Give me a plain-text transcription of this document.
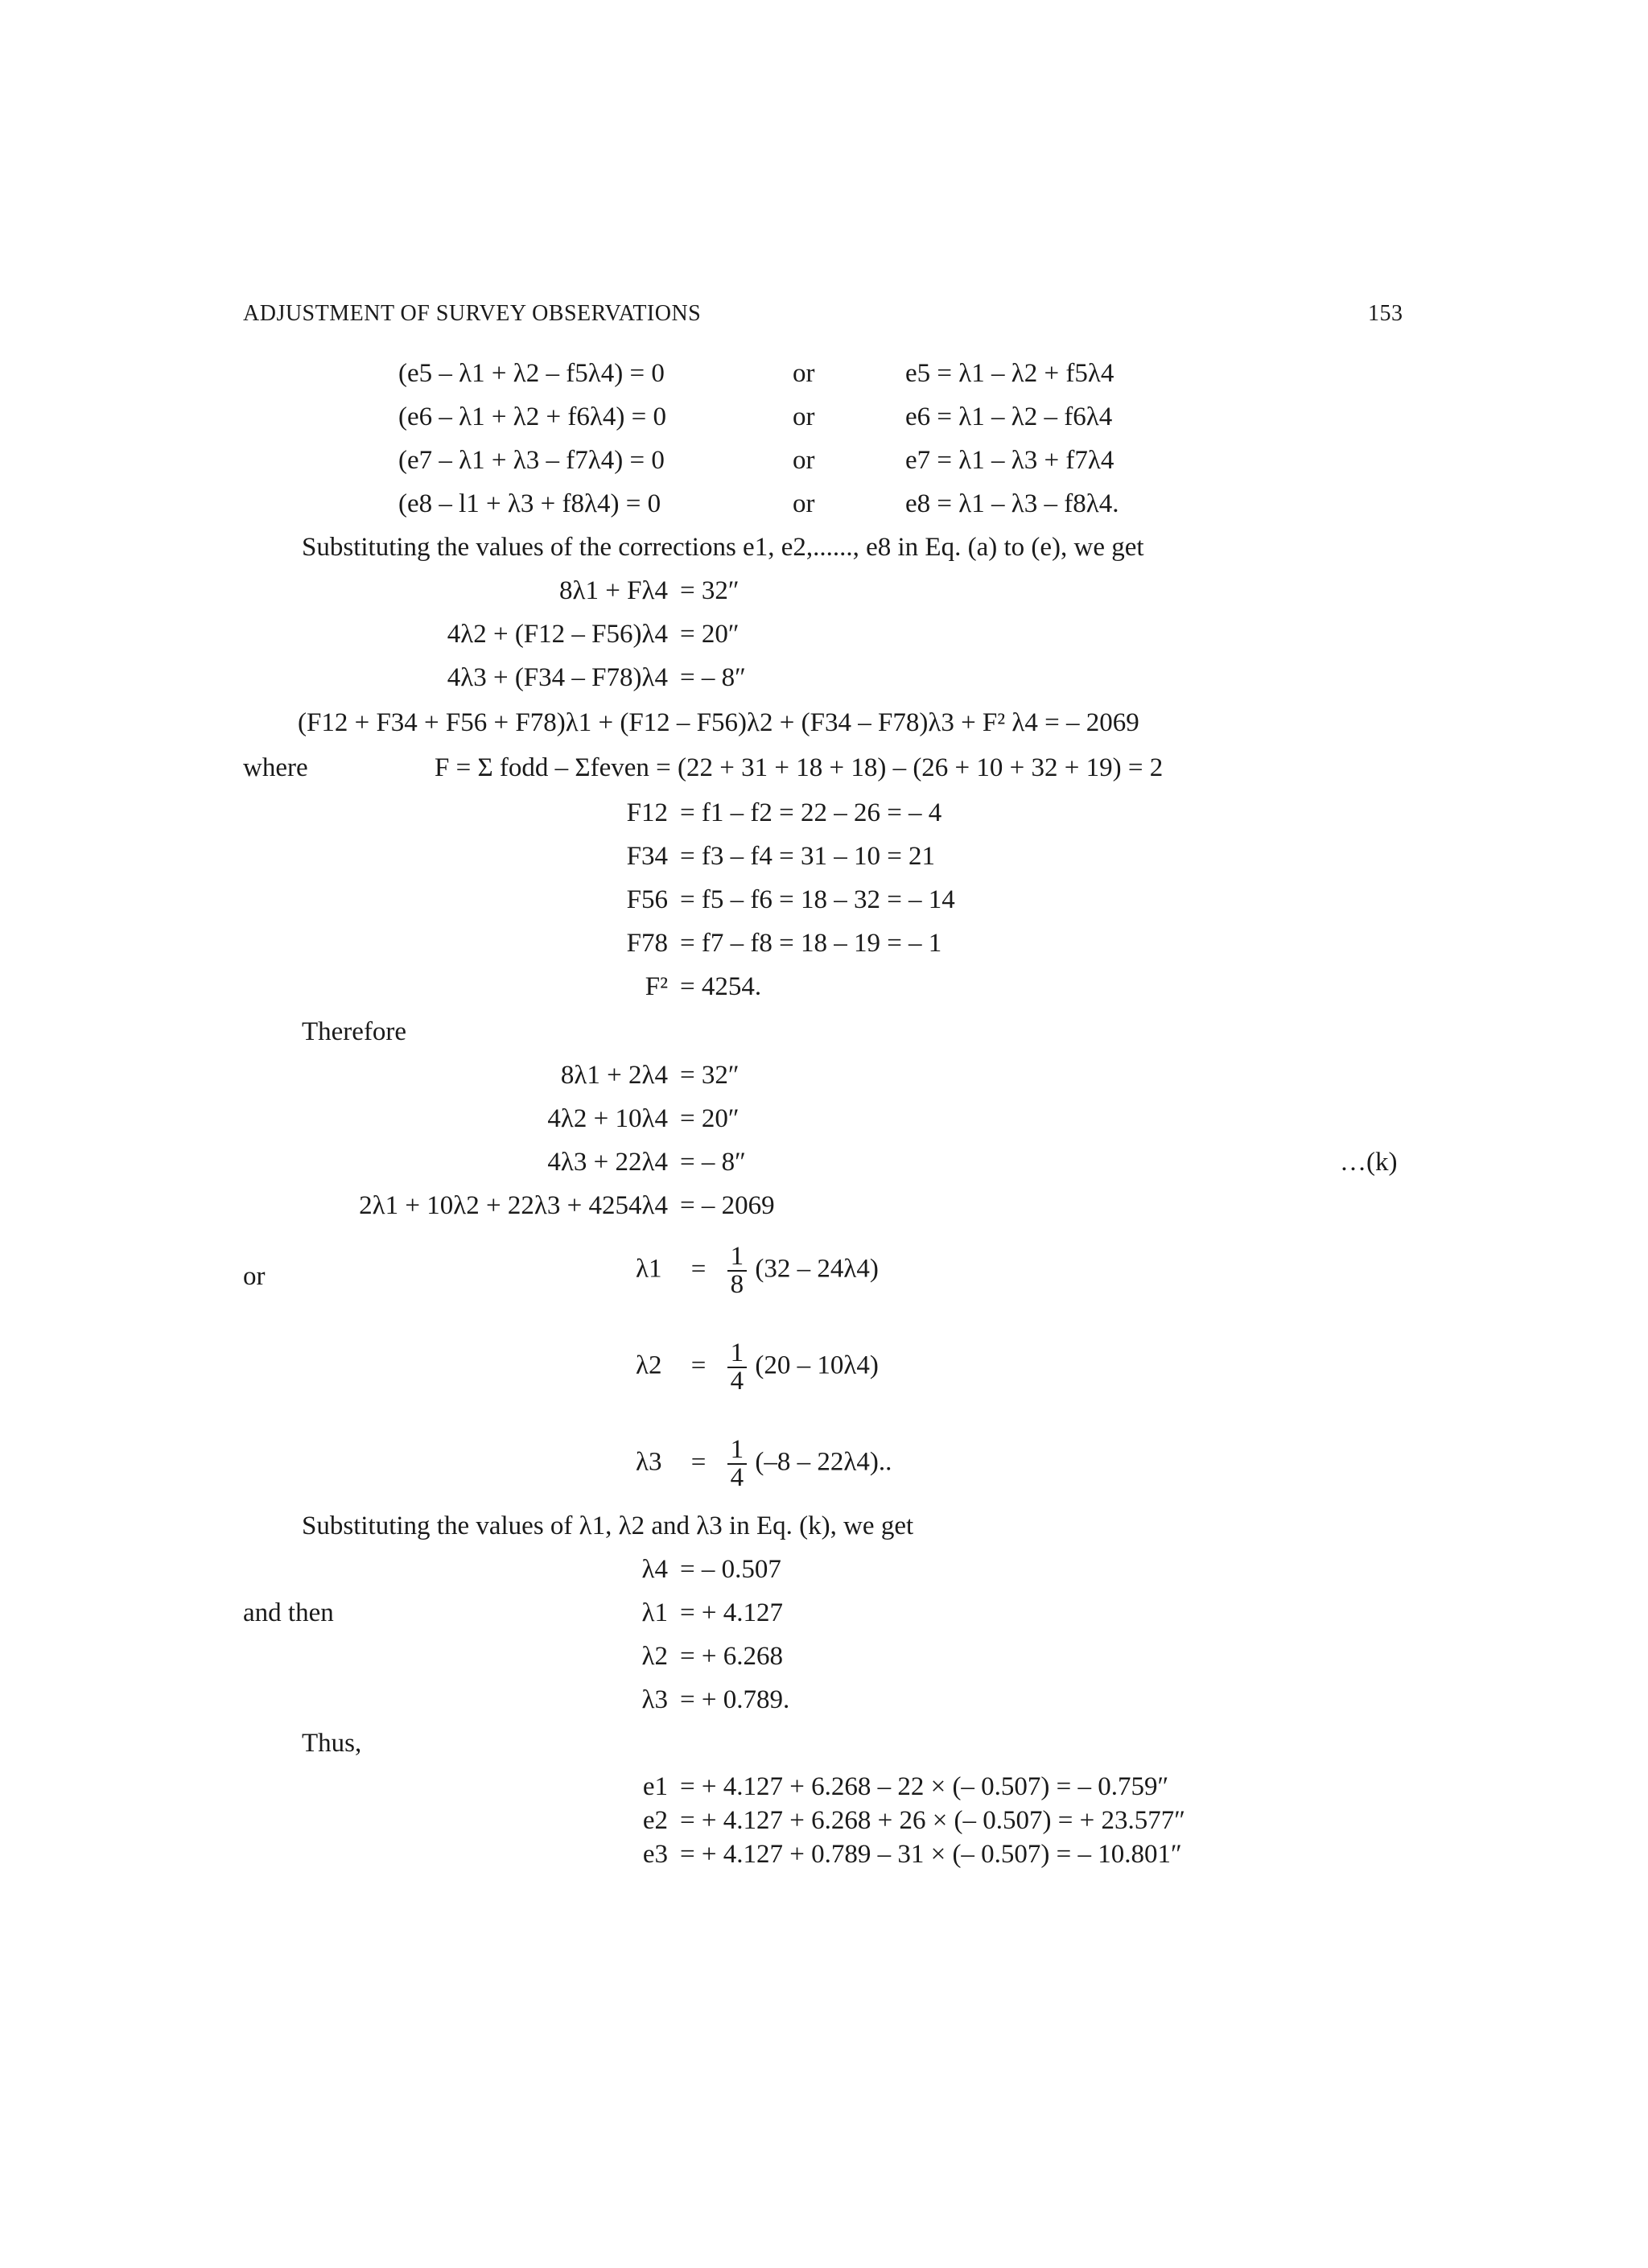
ADJUSTMENT OF SURVEY OBSERVATIONS	153
(e5 – λ1 + λ2 – f5λ4) = 0	or	e5 = λ1 – λ2 + f5λ4
(e6 – λ1 + λ2 + f6λ4) = 0	or	e6 = λ1 – λ2 – f6λ4
(e7 – λ1 + λ3 – f7λ4) = 0	or	e7 = λ1 – λ3 + f7λ4
(e8 – l1 + λ3 + f8λ4) = 0	or	e8 = λ1 – λ3 – f8λ4.
Substituting the values of the corrections e1, e2,......, e8 in Eq. (a) to (e), we get
8λ1 + Fλ4 = 32″
4λ2 + (F12 – F56)λ4 = 20″
4λ3 + (F34 – F78)λ4 = – 8″
(F12 + F34 + F56 + F78)λ1 + (F12 – F56)λ2 + (F34 – F78)λ3 + F² λ4 = – 2069
where	F = Σ fodd – Σfeven = (22 + 31 + 18 + 18) – (26 + 10 + 32 + 19) = 2
F12 = f1 – f2 = 22 – 26 = – 4
F34 = f3 – f4 = 31 – 10 = 21
F56 = f5 – f6 = 18 – 32 = – 14
F78 = f7 – f8 = 18 – 19 = – 1
F² = 4254.
Therefore
8λ1 + 2λ4 = 32″
4λ2 + 10λ4 = 20″
4λ3 + 22λ4 = – 8″	…(k)
2λ1 + 10λ2 + 22λ3 + 4254λ4 = – 2069
or	$\lambda 1 = \frac{1}{8} (32 - 24\lambda 4)$
$\lambda 2 = \frac{1}{4} (20 - 10\lambda 4)$
$\lambda 3 = \frac{1}{4} (-8 - 22\lambda 4)$..
Substituting the values of λ1, λ2 and λ3 in Eq. (k), we get
λ4 = – 0.507
and then	λ1 = + 4.127
λ2 = + 6.268
λ3 = + 0.789.
Thus,
e1 = + 4.127 + 6.268 – 22 × (– 0.507) = – 0.759″
e2 = + 4.127 + 6.268 + 26 × (– 0.507) = + 23.577″
e3 = + 4.127 + 0.789 – 31 × (– 0.507) = – 10.801″
